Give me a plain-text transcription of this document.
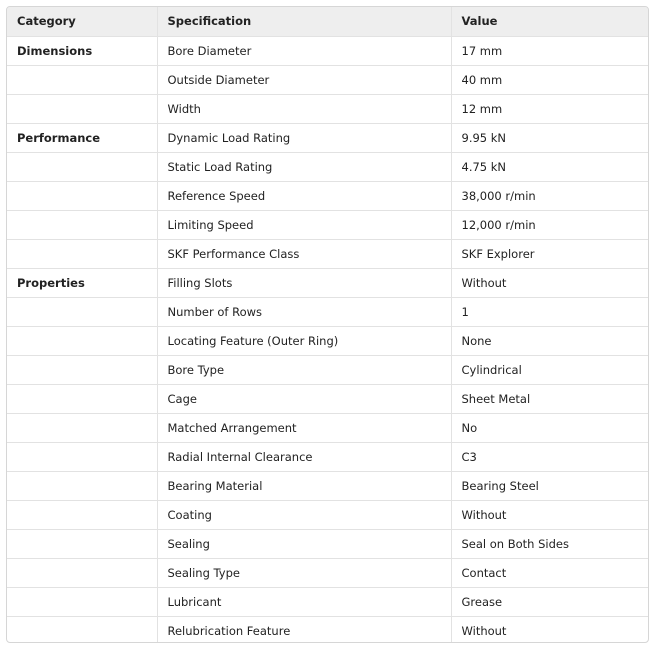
Category	Specification	Value
Dimensions	Bore Diameter	17 mm
	Outside Diameter	40 mm
	Width	12 mm
Performance	Dynamic Load Rating	9.95 kN
	Static Load Rating	4.75 kN
	Reference Speed	38,000 r/min
	Limiting Speed	12,000 r/min
	SKF Performance Class	SKF Explorer
Properties	Filling Slots	Without
	Number of Rows	1
	Locating Feature (Outer Ring)	None
	Bore Type	Cylindrical
	Cage	Sheet Metal
	Matched Arrangement	No
	Radial Internal Clearance	C3
	Bearing Material	Bearing Steel
	Coating	Without
	Sealing	Seal on Both Sides
	Sealing Type	Contact
	Lubricant	Grease
	Relubrication Feature	Without
